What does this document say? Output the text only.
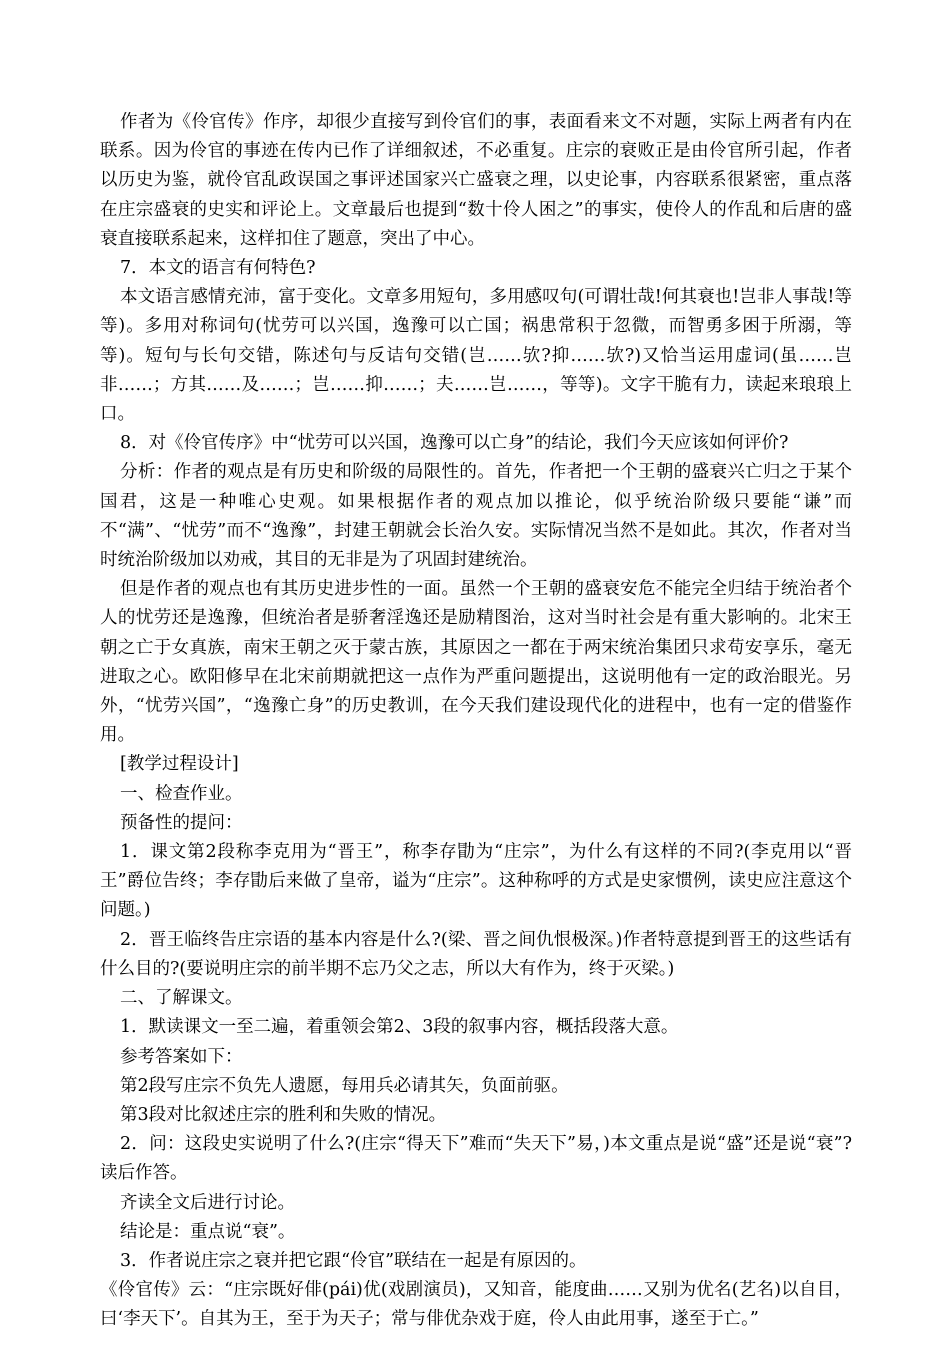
作者为《伶官传》作序，却很少直接写到伶官们的事，表面看来文不对题，实际上两者有内在联系。因为伶官的事迹在传内已作了详细叙述，不必重复。庄宗的衰败正是由伶官所引起，作者以历史为鉴，就伶官乱政误国之事评述国家兴亡盛衰之理，以史论事，内容联系很紧密，重点落在庄宗盛衰的史实和评论上。文章最后也提到“数十伶人困之”的事实，使伶人的作乱和后唐的盛衰直接联系起来，这样扣住了题意，突出了中心。

7．本文的语言有何特色?

本文语言感情充沛，富于变化。文章多用短句，多用感叹句(可谓壮哉!何其衰也!岂非人事哉!等等)。多用对称词句(忧劳可以兴国，逸豫可以亡国；祸患常积于忽微，而智勇多困于所溺，等等)。短句与长句交错，陈述句与反诘句交错(岂……欤?抑……欤?)又恰当运用虚词(虽……岂非……；方其……及……；岂……抑……；夫……岂……，等等)。文字干脆有力，读起来琅琅上口。

8．对《伶官传序》中“忧劳可以兴国，逸豫可以亡身”的结论，我们今天应该如何评价?

分析：作者的观点是有历史和阶级的局限性的。首先，作者把一个王朝的盛衰兴亡归之于某个国君，这是一种唯心史观。如果根据作者的观点加以推论，似乎统治阶级只要能“谦”而不“满”、“忧劳”而不“逸豫”，封建王朝就会长治久安。实际情况当然不是如此。其次，作者对当时统治阶级加以劝戒，其目的无非是为了巩固封建统治。

但是作者的观点也有其历史进步性的一面。虽然一个王朝的盛衰安危不能完全归结于统治者个人的忧劳还是逸豫，但统治者是骄奢淫逸还是励精图治，这对当时社会是有重大影响的。北宋王朝之亡于女真族，南宋王朝之灭于蒙古族，其原因之一都在于两宋统治集团只求苟安享乐，毫无进取之心。欧阳修早在北宋前期就把这一点作为严重问题提出，这说明他有一定的政治眼光。另外，“忧劳兴国”，“逸豫亡身”的历史教训，在今天我们建设现代化的进程中，也有一定的借鉴作用。

[教学过程设计]

一、检查作业。

预备性的提问：

1．课文第2段称李克用为“晋王”，称李存勖为“庄宗”，为什么有这样的不同?(李克用以“晋王”爵位告终；李存勖后来做了皇帝，谥为“庄宗”。这种称呼的方式是史家惯例，读史应注意这个问题。)

2．晋王临终告庄宗语的基本内容是什么?(梁、晋之间仇恨极深。)作者特意提到晋王的这些话有什么目的?(要说明庄宗的前半期不忘乃父之志，所以大有作为，终于灭梁。)

二、了解课文。

1．默读课文一至二遍，着重领会第2、3段的叙事内容，概括段落大意。

参考答案如下：

第2段写庄宗不负先人遗愿，每用兵必请其矢，负面前驱。

第3段对比叙述庄宗的胜利和失败的情况。

2．问：这段史实说明了什么?(庄宗“得天下”难而“失天下”易，)本文重点是说“盛”还是说“衰”?读后作答。

齐读全文后进行讨论。

结论是：重点说“衰”。

3．作者说庄宗之衰并把它跟“伶官”联结在一起是有原因的。

《伶官传》云：“庄宗既好俳(pái)优(戏剧演员)，又知音，能度曲……又别为优名(艺名)以自目，曰‘李天下’。自其为王，至于为天子；常与俳优杂戏于庭，伶人由此用事，遂至于亡。”
